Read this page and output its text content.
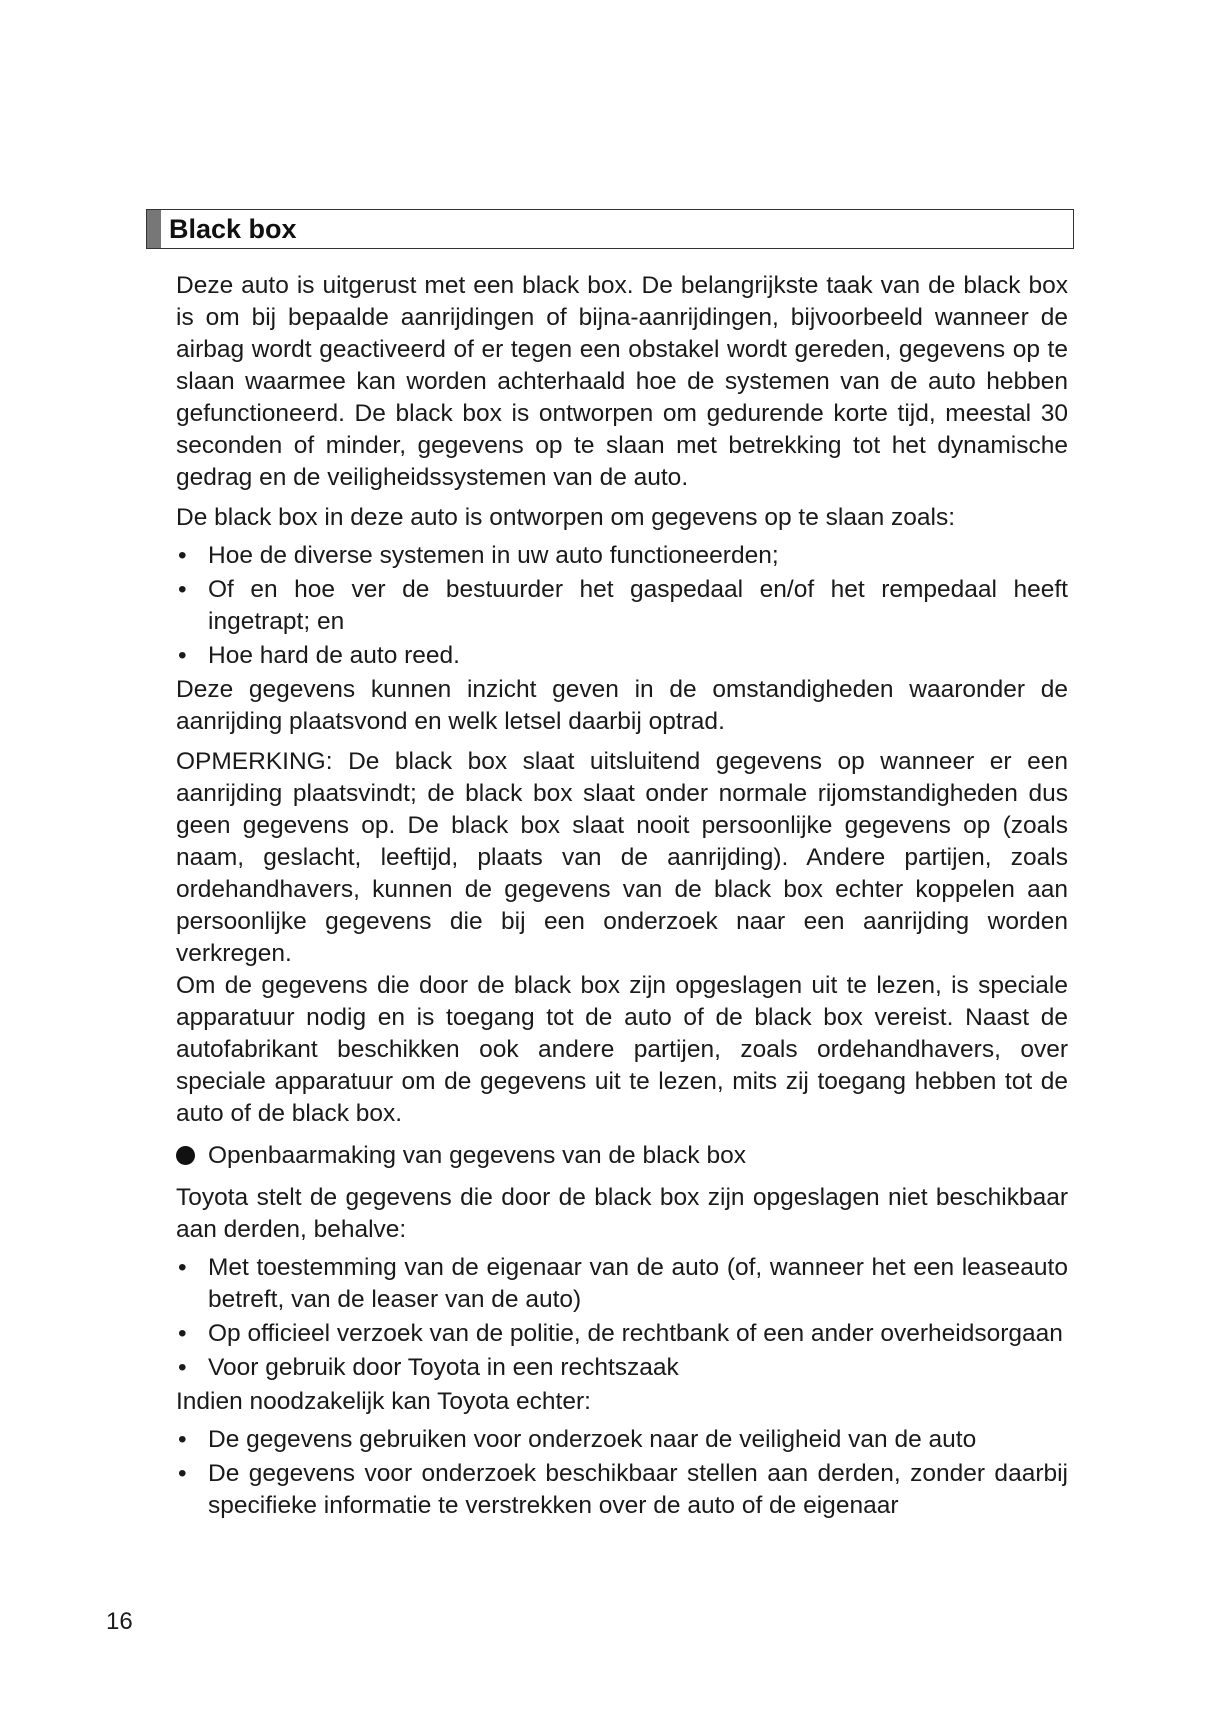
Black box

Deze auto is uitgerust met een black box. De belangrijkste taak van de black box is om bij bepaalde aanrijdingen of bijna-aanrijdingen, bijvoorbeeld wanneer de airbag wordt geactiveerd of er tegen een obstakel wordt gereden, gegevens op te slaan waarmee kan worden achterhaald hoe de systemen van de auto hebben gefunctioneerd. De black box is ontworpen om gedurende korte tijd, meestal 30 seconden of minder, gegevens op te slaan met betrekking tot het dynamische gedrag en de veiligheidssystemen van de auto.

De black box in deze auto is ontworpen om gegevens op te slaan zoals:

• Hoe de diverse systemen in uw auto functioneerden;
• Of en hoe ver de bestuurder het gaspedaal en/of het rempedaal heeft ingetrapt; en
• Hoe hard de auto reed.

Deze gegevens kunnen inzicht geven in de omstandigheden waaronder de aanrijding plaatsvond en welk letsel daarbij optrad.

OPMERKING: De black box slaat uitsluitend gegevens op wanneer er een aanrijding plaatsvindt; de black box slaat onder normale rijomstandigheden dus geen gegevens op. De black box slaat nooit persoonlijke gegevens op (zoals naam, geslacht, leeftijd, plaats van de aanrijding). Andere partijen, zoals ordehandhavers, kunnen de gegevens van de black box echter koppelen aan persoonlijke gegevens die bij een onderzoek naar een aanrijding worden verkregen.

Om de gegevens die door de black box zijn opgeslagen uit te lezen, is speciale apparatuur nodig en is toegang tot de auto of de black box vereist. Naast de autofabrikant beschikken ook andere partijen, zoals ordehandhavers, over speciale apparatuur om de gegevens uit te lezen, mits zij toegang hebben tot de auto of de black box.

Openbaarmaking van gegevens van de black box

Toyota stelt de gegevens die door de black box zijn opgeslagen niet beschikbaar aan derden, behalve:

• Met toestemming van de eigenaar van de auto (of, wanneer het een leaseauto betreft, van de leaser van de auto)
• Op officieel verzoek van de politie, de rechtbank of een ander overheidsorgaan
• Voor gebruik door Toyota in een rechtszaak

Indien noodzakelijk kan Toyota echter:

• De gegevens gebruiken voor onderzoek naar de veiligheid van de auto
• De gegevens voor onderzoek beschikbaar stellen aan derden, zonder daarbij specifieke informatie te verstrekken over de auto of de eigenaar
16
